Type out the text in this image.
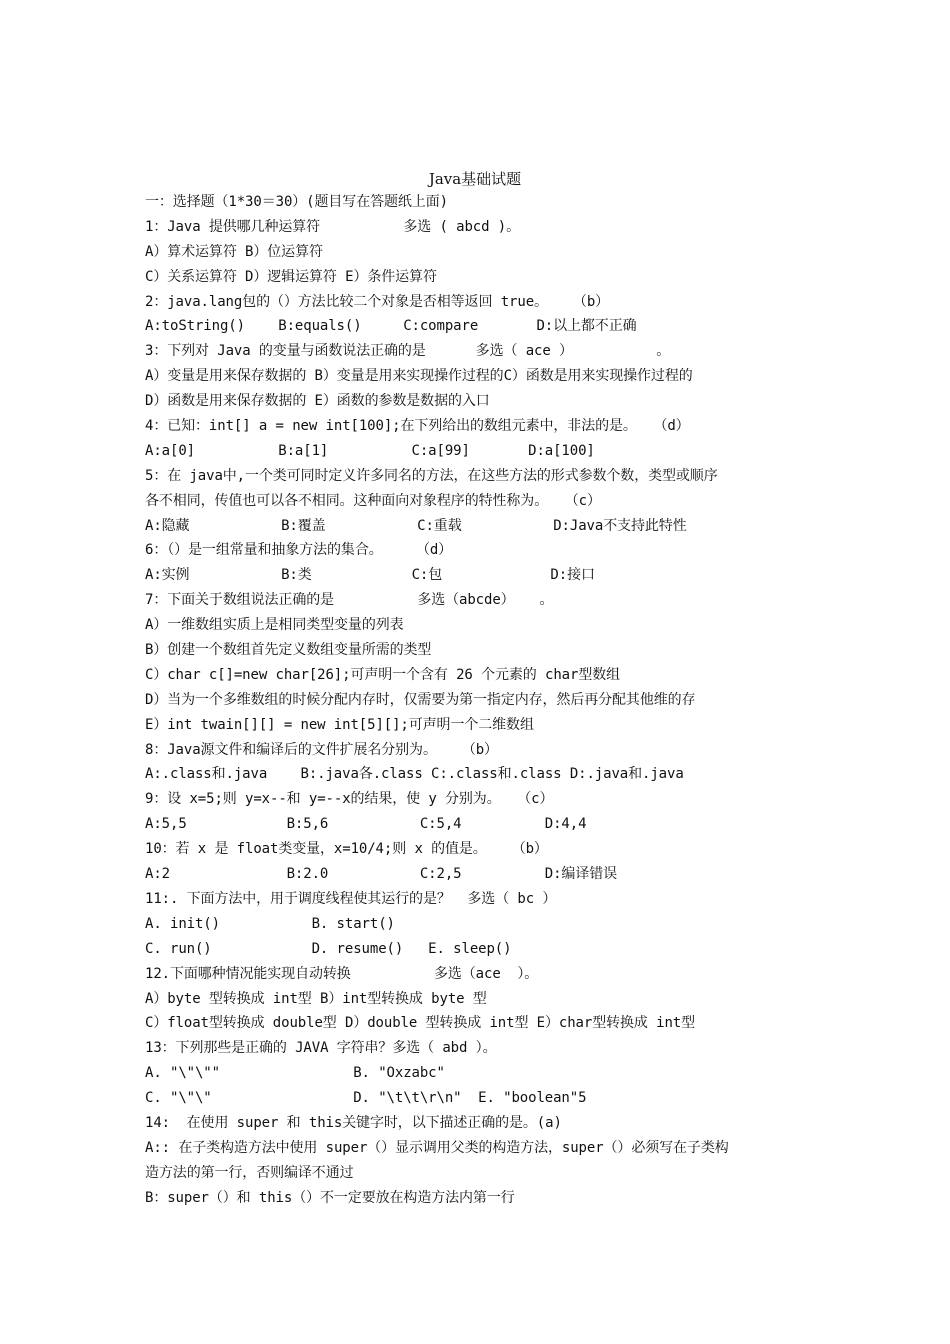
Java基础试题
一：选择题（1*30＝30）(题目写在答题纸上面)
1：Java 提供哪几种运算符          多选 ( abcd )。
A）算术运算符 B）位运算符
C）关系运算符 D）逻辑运算符 E）条件运算符
2：java.lang包的（）方法比较二个对象是否相等返回 true。   （b）
A:toString()    B:equals()     C:compare       D:以上都不正确
3：下列对 Java 的变量与函数说法正确的是      多选（ ace ）          。
A）变量是用来保存数据的 B）变量是用来实现操作过程的C）函数是用来实现操作过程的
D）函数是用来保存数据的 E）函数的参数是数据的入口
4：已知：int[] a = new int[100];在下列给出的数组元素中，非法的是。  （d）
A:a[0]          B:a[1]          C:a[99]       D:a[100]
5：在 java中,一个类可同时定义许多同名的方法，在这些方法的形式参数个数，类型或顺序
各不相同，传值也可以各不相同。这种面向对象程序的特性称为。  （c）
A:隐藏           B:覆盖           C:重载           D:Java不支持此特性
6：（）是一组常量和抽象方法的集合。    （d）
A:实例           B:类            C:包             D:接口
7：下面关于数组说法正确的是          多选（abcde）   。
A）一维数组实质上是相同类型变量的列表
B）创建一个数组首先定义数组变量所需的类型
C）char c[]=new char[26];可声明一个含有 26 个元素的 char型数组
D）当为一个多维数组的时候分配内存时，仅需要为第一指定内存，然后再分配其他维的存
E）int twain[][] = new int[5][];可声明一个二维数组
8：Java源文件和编译后的文件扩展名分别为。   （b）
A:.class和.java    B:.java各.class C:.class和.class D:.java和.java
9：设 x=5;则 y=x--和 y=--x的结果，使 y 分别为。  （c）
A:5,5            B:5,6           C:5,4          D:4,4
10：若 x 是 float类变量，x=10/4;则 x 的值是。   （b）
A:2              B:2.0           C:2,5          D:编译错误
11:. 下面方法中，用于调度线程使其运行的是？  多选（ bc ）
A. init()           B. start()
C. run()            D. resume()   E. sleep()
12.下面哪种情况能实现自动转换          多选（ace  ）。
A）byte 型转换成 int型 B）int型转换成 byte 型
C）float型转换成 double型 D）double 型转换成 int型 E）char型转换成 int型
13：下列那些是正确的 JAVA 字符串？多选（ abd ）。
A. "\"\""                B. "Oxzabc"
C. "\"\"                 D. "\t\t\r\n"  E. "boolean"5
14:  在使用 super 和 this关键字时，以下描述正确的是。(a)
A:: 在子类构造方法中使用 super（）显示调用父类的构造方法，super（）必须写在子类构
造方法的第一行，否则编译不通过
B：super（）和 this（）不一定要放在构造方法内第一行
